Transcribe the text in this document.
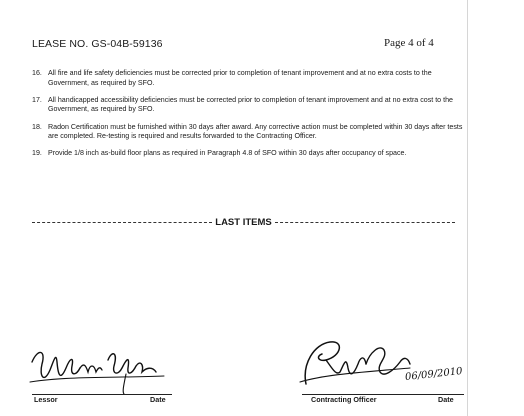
LEASE NO. GS-04B-59136	Page 4 of 4
16. All fire and life safety deficiencies must be corrected prior to completion of tenant improvement and at no extra costs to the Government, as required by SFO.
17. All handicapped accessibility deficiencies must be corrected prior to completion of tenant improvement and at no extra cost to the Government, as required by SFO.
18. Radon Certification must be furnished within 30 days after award. Any corrective action must be completed within 30 days after tests are completed. Re-testing is required and results forwarded to the Contracting Officer.
19. Provide 1/8 inch as-build floor plans as required in Paragraph 4.8 of SFO within 30 days after occupancy of space.
LAST ITEMS
Lessor	Date
06/09/2010
Contracting Officer	Date
